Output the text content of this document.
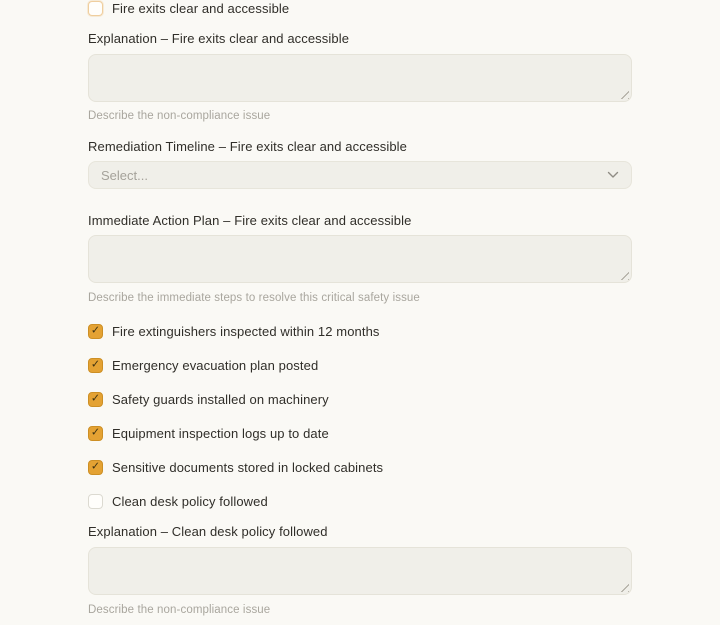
Fire exits clear and accessible
Explanation – Fire exits clear and accessible
Describe the non-compliance issue
Remediation Timeline – Fire exits clear and accessible
Select...
Immediate Action Plan – Fire exits clear and accessible
Describe the immediate steps to resolve this critical safety issue
✓
Fire extinguishers inspected within 12 months
✓
Emergency evacuation plan posted
✓
Safety guards installed on machinery
✓
Equipment inspection logs up to date
✓
Sensitive documents stored in locked cabinets
Clean desk policy followed
Explanation – Clean desk policy followed
Describe the non-compliance issue
